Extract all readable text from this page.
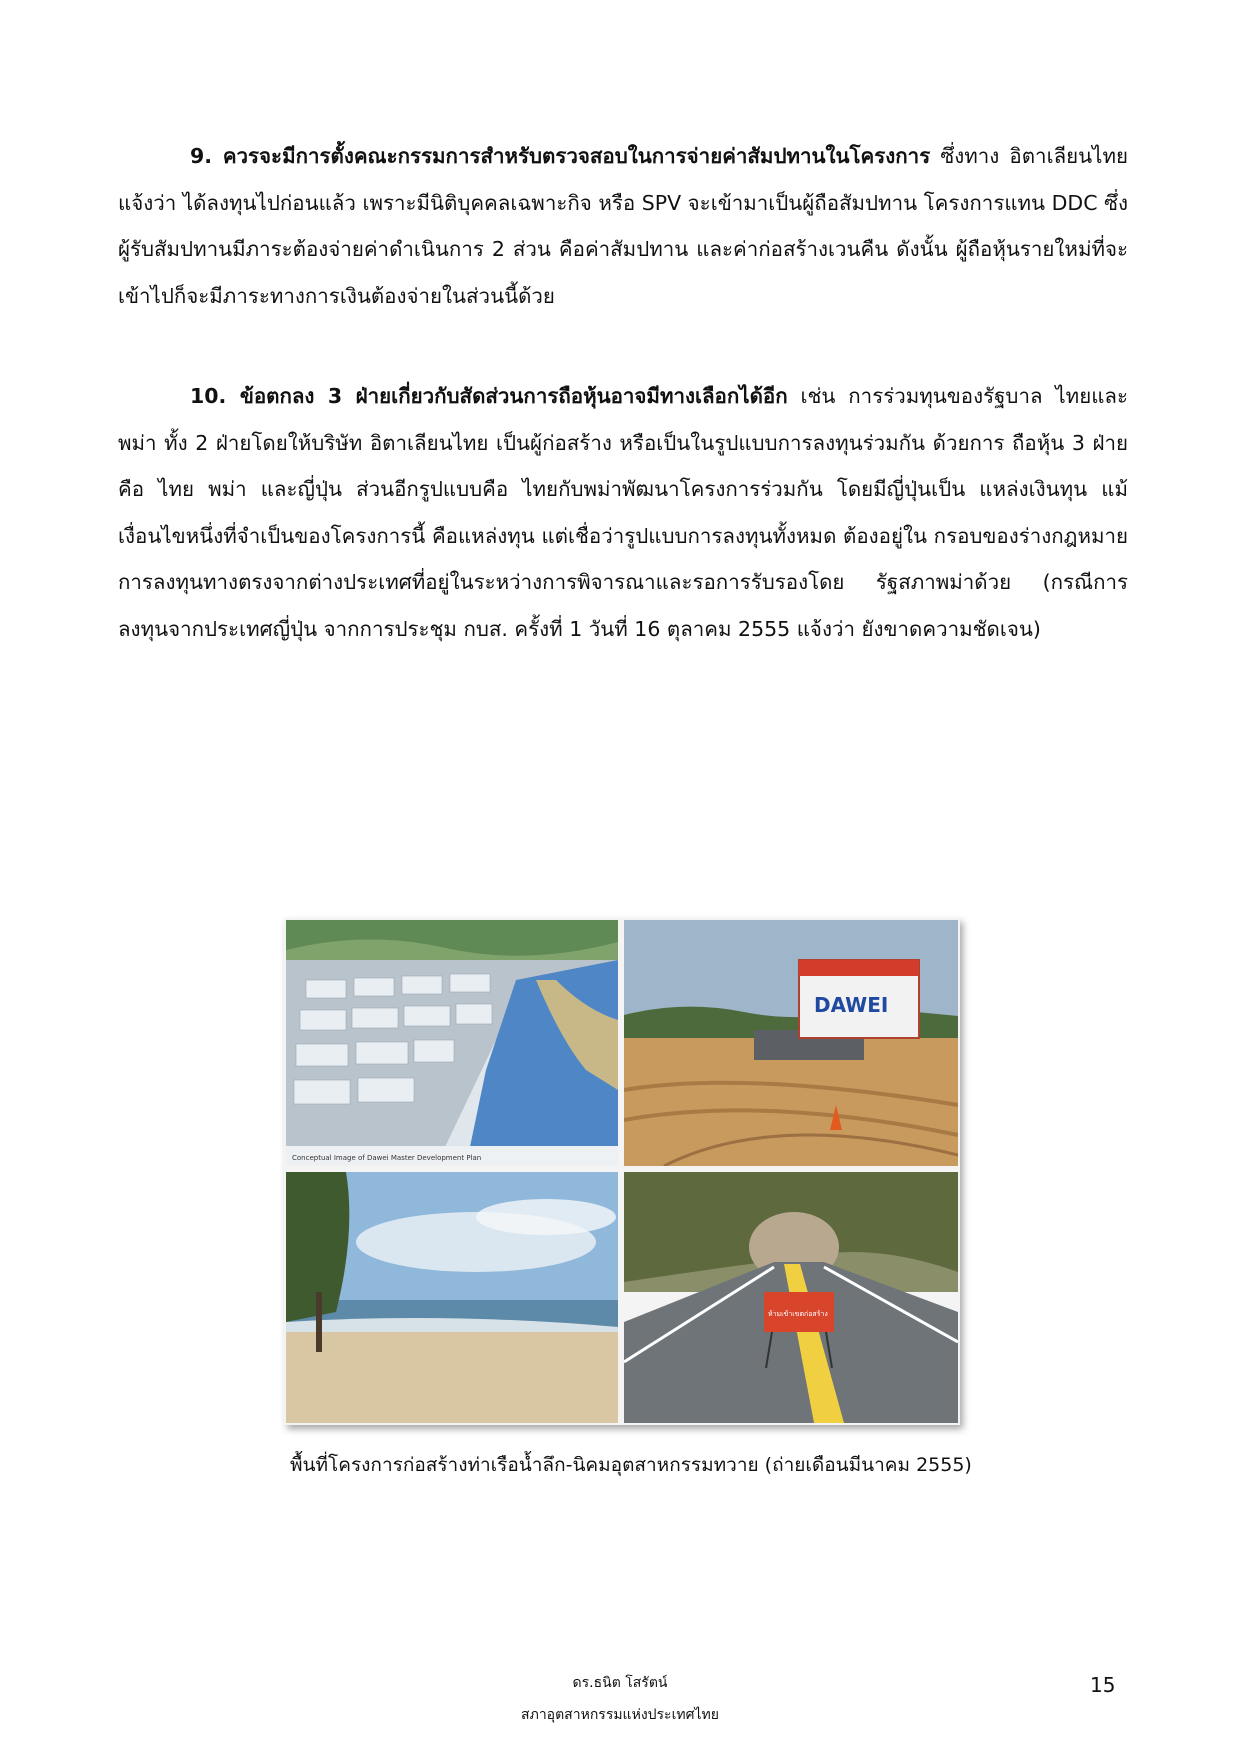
9. ควรจะมีการตั้งคณะกรรมการสำหรับตรวจสอบในการจ่ายค่าสัมปทานในโครงการ ซึ่งทาง อิตาเลียนไทยแจ้งว่า ได้ลงทุนไปก่อนแล้ว เพราะมีนิติบุคคลเฉพาะกิจ หรือ SPV จะเข้ามาเป็นผู้ถือสัมปทาน โครงการแทน DDC ซึ่งผู้รับสัมปทานมีภาระต้องจ่ายค่าดำเนินการ 2 ส่วน คือค่าสัมปทาน และค่าก่อสร้างเวนคืน ดังนั้น ผู้ถือหุ้นรายใหม่ที่จะเข้าไปก็จะมีภาระทางการเงินต้องจ่ายในส่วนนี้ด้วย

10. ข้อตกลง 3 ฝ่ายเกี่ยวกับสัดส่วนการถือหุ้นอาจมีทางเลือกได้อีก เช่น การร่วมทุนของรัฐบาล ไทยและพม่า ทั้ง 2 ฝ่ายโดยให้บริษัท อิตาเลียนไทย เป็นผู้ก่อสร้าง หรือเป็นในรูปแบบการลงทุนร่วมกัน ด้วยการ ถือหุ้น 3 ฝ่าย คือ ไทย พม่า และญี่ปุ่น ส่วนอีกรูปแบบคือ ไทยกับพม่าพัฒนาโครงการร่วมกัน โดยมีญี่ปุ่นเป็น แหล่งเงินทุน แม้เงื่อนไขหนึ่งที่จำเป็นของโครงการนี้ คือแหล่งทุน แต่เชื่อว่ารูปแบบการลงทุนทั้งหมด ต้องอยู่ใน กรอบของร่างกฎหมายการลงทุนทางตรงจากต่างประเทศที่อยู่ในระหว่างการพิจารณาและรอการรับรองโดย รัฐสภาพม่าด้วย (กรณีการลงทุนจากประเทศญี่ปุ่น จากการประชุม กบส. ครั้งที่ 1 วันที่ 16 ตุลาคม 2555 แจ้งว่า ยังขาดความชัดเจน)

Conceptual Image of Dawei Master Development Plan
DAWEI
ห้ามเข้าเขตก่อสร้าง

พื้นที่โครงการก่อสร้างท่าเรือน้ำลึก-นิคมอุตสาหกรรมทวาย (ถ่ายเดือนมีนาคม 2555)

ดร.ธนิต โสรัตน์

สภาอุตสาหกรรมแห่งประเทศไทย

15
